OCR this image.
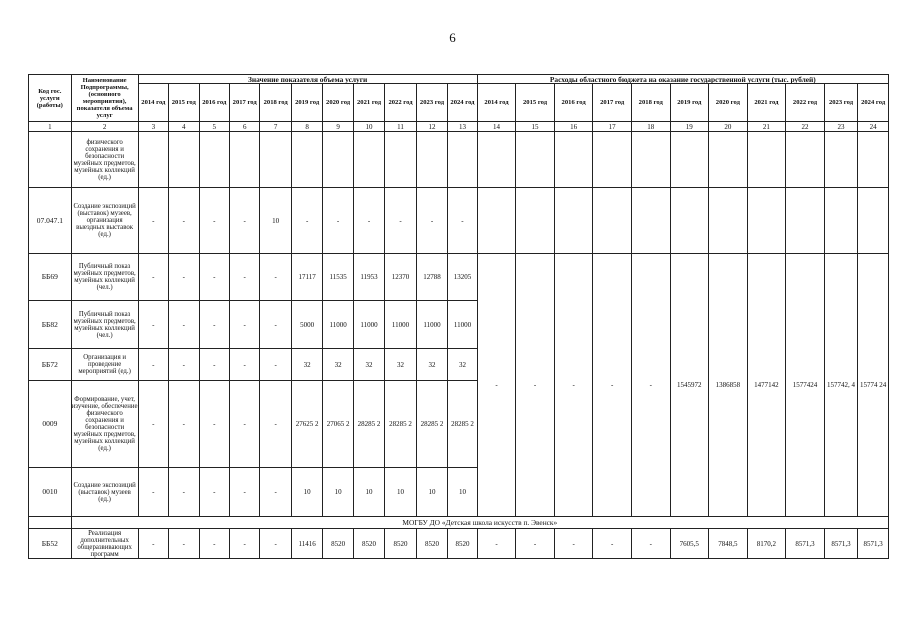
6
Код гос. услуги (работы)	Наименование Подпрограммы, (основного мероприятия), показателя объема услуг	Значение показателя объема услуги											Расходы областного бюджета на оказание государственной услуги (тыс. рублей)										
		2014 год	2015 год	2016 год	2017 год	2018 год	2019 год	2020 год	2021 год	2022 год	2023 год	2024 год	2014 год	2015 год	2016 год	2017 год	2018 год	2019 год	2020 год	2021 год	2022 год	2023 год	2024 год
1	2	3	4	5	6	7	8	9	10	11	12	13	14	15	16	17	18	19	20	21	22	23	24
	физического сохранения и безопасности музейных предметов, музейных коллекций (ед.)																						
07.047.1	Создание экспозиций (выставок) музеев, организация выездных выставок (ед.)	-	-	-	-	10	-	-	-	-	-	-											
ББ69	Публичный показ музейных предметов, музейных коллекций (чел.)	-	-	-	-	-	17117	11535	11953	12370	12788	13205	-	-	-	-	-	1545972	1386858	1477142	1577424	157742, 4	15774 24
ББ82	Публичный показ музейных предметов, музейных коллекций (чел.)	-	-	-	-	-	5000	11000	11000	11000	11000	11000											
ББ72	Организация и проведение мероприятий (ед.)	-	-	-	-	-	32	32	32	32	32	32											
0009	Формирование, учет, изучение, обеспечение физического сохранения и безопасности музейных предметов, музейных коллекций (ед.)	-	-	-	-	-	27625 2	27065 2	28285 2	28285 2	28285 2	28285 2											
0010	Создание экспозиций (выставок) музеев (ед.)	-	-	-	-	-	10	10	10	10	10	10											
	МОГБУ ДО «Детская школа искусств п. Эвенск»																						
ББ52	Реализация дополнительных общеразвивающих программ	-	-	-	-	-	11416	8520	8520	8520	8520	8520	-	-	-	-	-	7605,5	7848,5	8170,2	8571,3	8571,3	8571,3
